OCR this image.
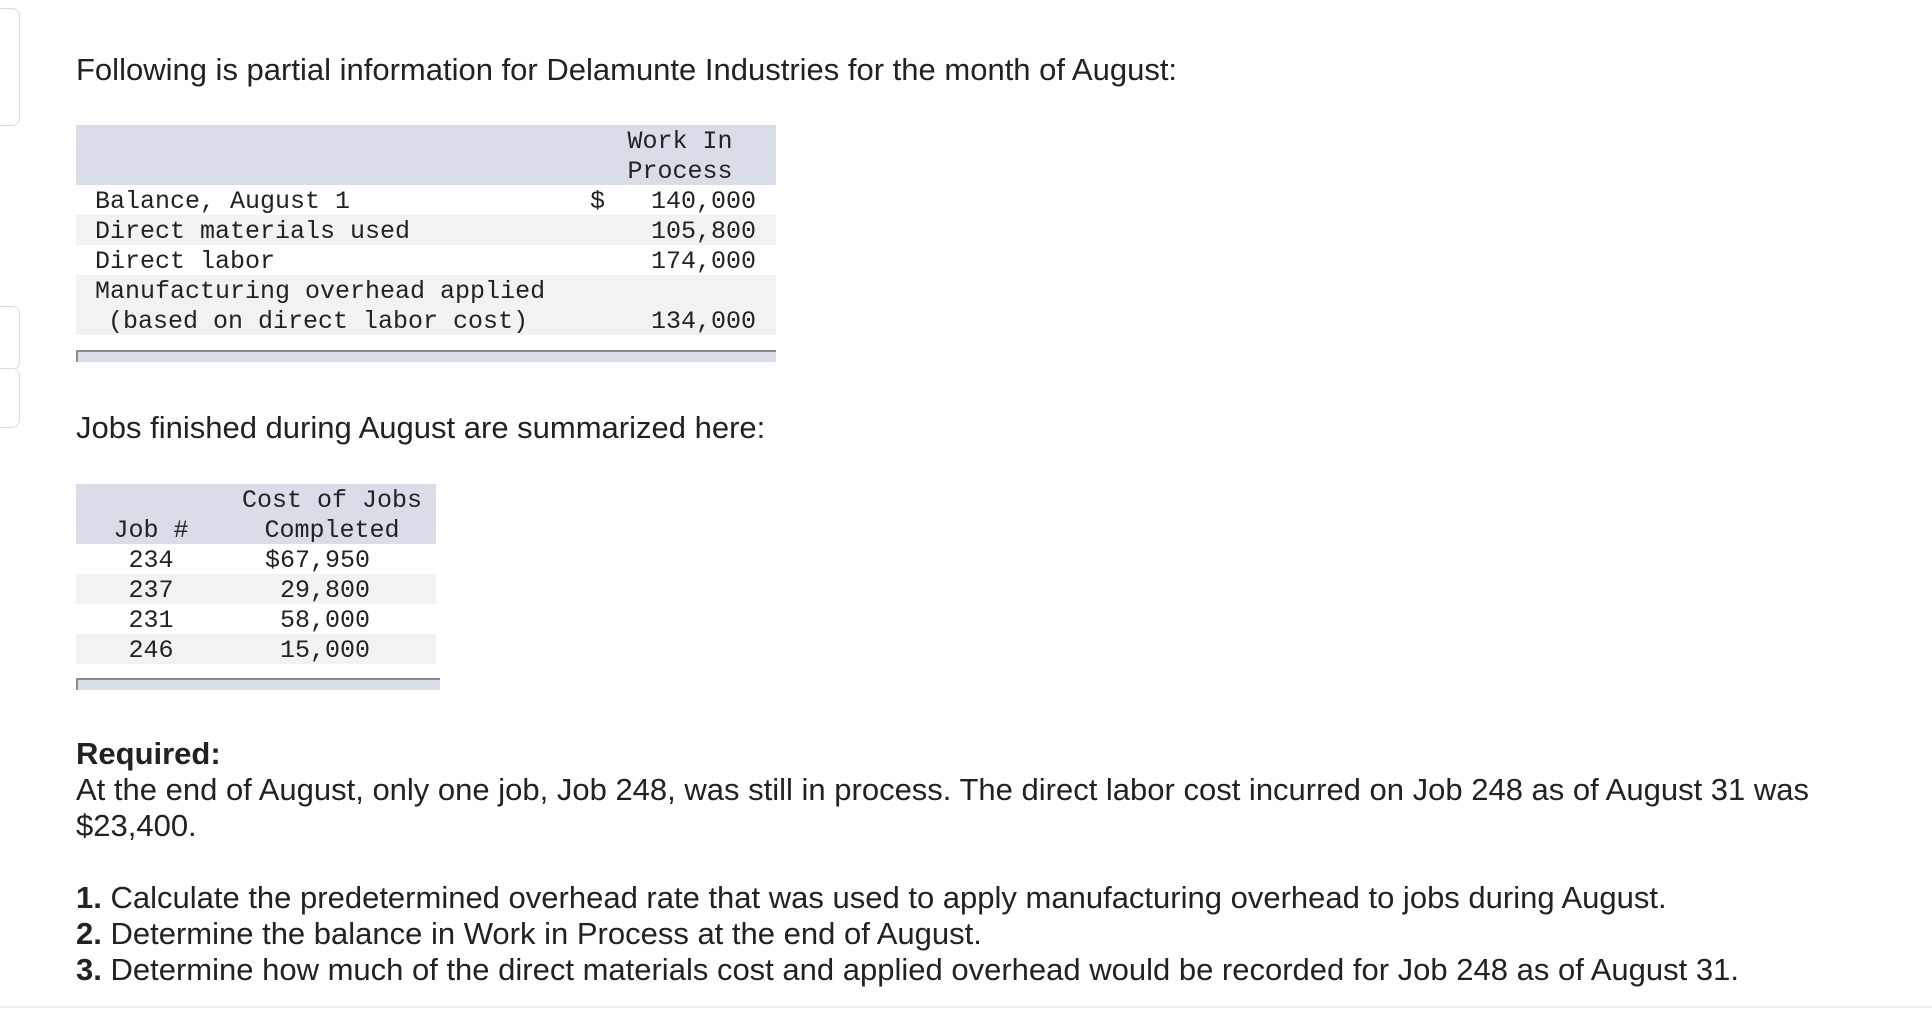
Following is partial information for Delamunte Industries for the month of August:
Work In
Process
Balance, August 1	$	140,000
Direct materials used	105,800
Direct labor	174,000
Manufacturing overhead applied
(based on direct labor cost)	134,000
Jobs finished during August are summarized here:
Cost of Jobs
Job #	Completed
234	$67,950
237	29,800
231	58,000
246	15,000
Required:
At the end of August, only one job, Job 248, was still in process. The direct labor cost incurred on Job 248 as of August 31 was
$23,400.
1. Calculate the predetermined overhead rate that was used to apply manufacturing overhead to jobs during August.
2. Determine the balance in Work in Process at the end of August.
3. Determine how much of the direct materials cost and applied overhead would be recorded for Job 248 as of August 31.
